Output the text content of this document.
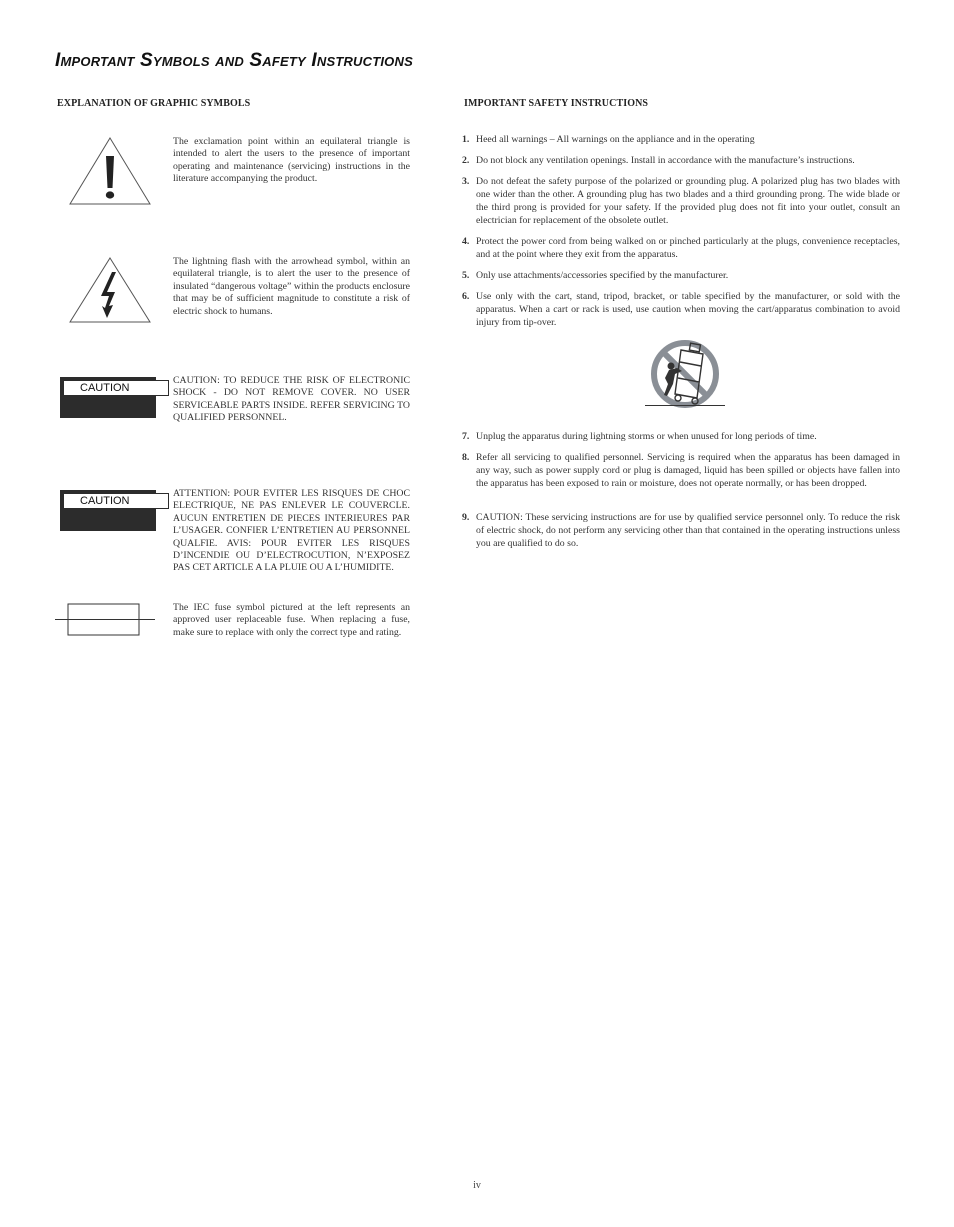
Important Symbols and Safety Instructions
EXPLANATION OF GRAPHIC SYMBOLS

The exclamation point within an equilateral triangle is intended to alert the users to the presence of important operating and maintenance (servicing) instructions in the literature accompanying the product.

The lightning flash with the arrowhead symbol, within an equilateral triangle, is to alert the user to the presence of insulated “dangerous voltage” within the products enclosure that may be of sufficient magnitude to constitute a risk of electric shock to humans.

CAUTION

CAUTION: TO REDUCE THE RISK OF ELECTRONIC SHOCK - DO NOT REMOVE COVER. NO USER SERVICEABLE PARTS INSIDE. REFER SERVICING TO QUALIFIED PERSONNEL.

CAUTION

ATTENTION: POUR EVITER LES RISQUES DE CHOC ELECTRIQUE, NE PAS ENLEVER LE COUVERCLE. AUCUN ENTRETIEN DE PIECES INTERIEURES PAR L’USAGER. CONFIER L’ENTRETIEN AU PERSONNEL QUALFIE. AVIS: POUR EVITER LES RISQUES D’INCENDIE OU D’ELECTROCUTION, N’EXPOSEZ PAS CET ARTICLE A LA PLUIE OU A L’HUMIDITE.

The IEC fuse symbol pictured at the left represents an approved user replaceable fuse. When replacing a fuse, make sure to replace with only the correct type and rating.

IMPORTANT SAFETY INSTRUCTIONS
1. Heed all warnings – All warnings on the appliance and in the operating
2. Do not block any ventilation openings. Install in accordance with the manufacture’s instructions.
3. Do not defeat the safety purpose of the polarized or grounding plug. A polarized plug has two blades with one wider than the other. A grounding plug has two blades and a third grounding prong. The wide blade or the third prong is provided for your safety. If the provided plug does not fit into your outlet, consult an electrician for replacement of the obsolete outlet.
4. Protect the power cord from being walked on or pinched particularly at the plugs, convenience receptacles, and at the point where they exit from the apparatus.
5. Only use attachments/accessories specified by the manufacturer.
6. Use only with the cart, stand, tripod, bracket, or table specified by the manufacturer, or sold with the apparatus. When a cart or rack is used, use caution when moving the cart/apparatus combination to avoid injury from tip-over.
7. Unplug the apparatus during lightning storms or when unused for long periods of time.
8. Refer all servicing to qualified personnel. Servicing is required when the apparatus has been damaged in any way, such as power supply cord or plug is damaged, liquid has been spilled or objects have fallen into the apparatus has been exposed to rain or moisture, does not operate normally, or has been dropped.
9. CAUTION: These servicing instructions are for use by qualified service personnel only. To reduce the risk of electric shock, do not perform any servicing other than that contained in the operating instructions unless you are qualified to do so.
iv
